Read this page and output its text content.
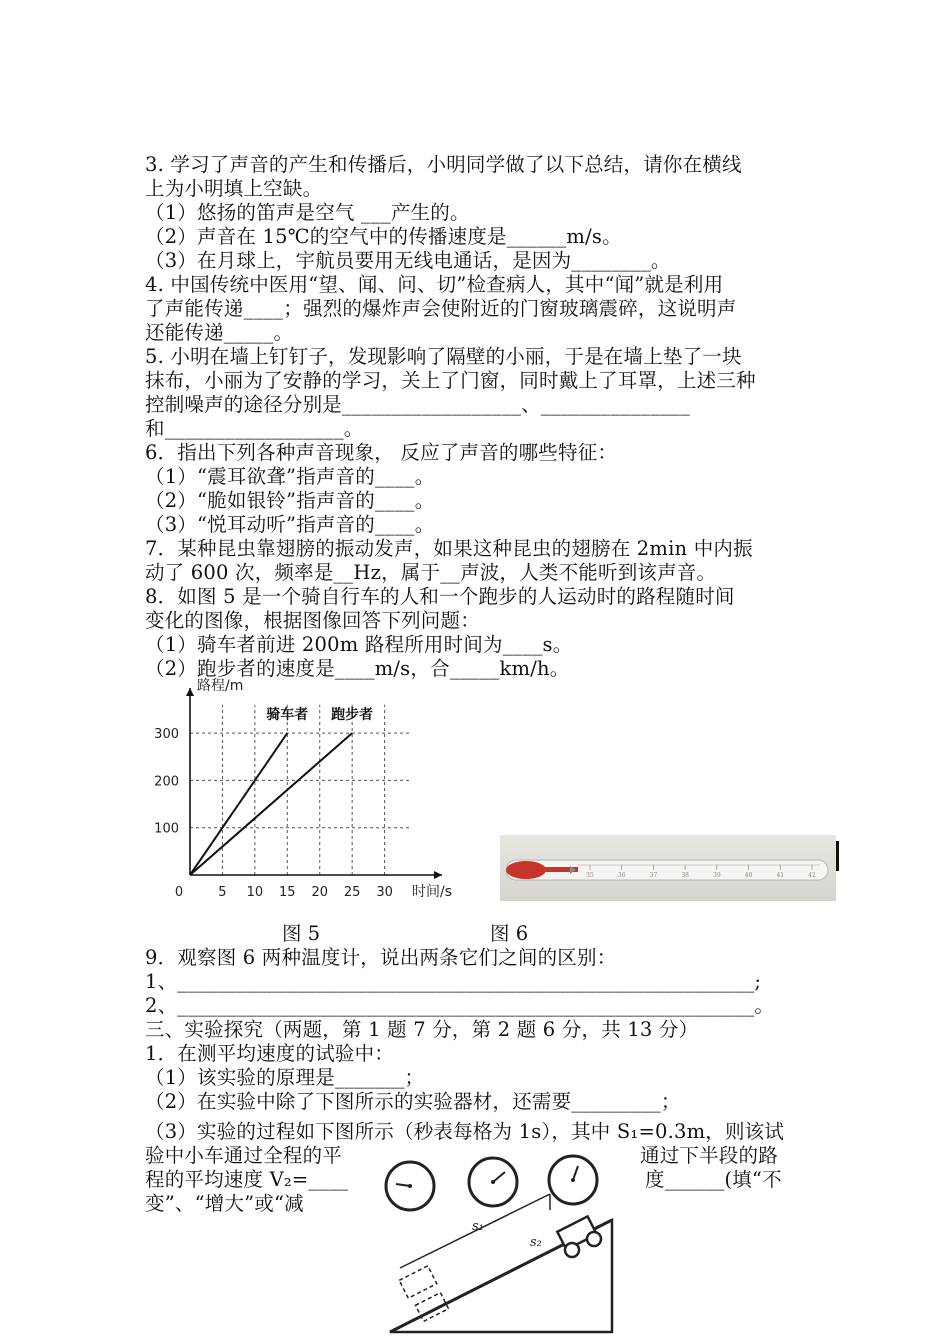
3. 学习了声音的产生和传播后，小明同学做了以下总结，请你在横线
上为小明填上空缺。
（1）悠扬的笛声是空气 ___产生的。
（2）声音在 15℃的空气中的传播速度是______m/s。
（3）在月球上，宇航员要用无线电通话，是因为________。
4. 中国传统中医用“望、闻、问、切”检查病人，其中“闻”就是利用
了声能传递____；强烈的爆炸声会使附近的门窗玻璃震碎，这说明声
还能传递_____。
5. 小明在墙上钉钉子，发现影响了隔壁的小丽，于是在墙上垫了一块
抹布，小丽为了安静的学习，关上了门窗，同时戴上了耳罩，上述三种
控制噪声的途径分别是__________________、_______________
和__________________。
6．指出下列各种声音现象， 反应了声音的哪些特征：
（1）“震耳欲聋”指声音的____。
（2）“脆如银铃”指声音的____。
（3）“悦耳动听”指声音的____。
7．某种昆虫靠翅膀的振动发声，如果这种昆虫的翅膀在 2min 中内振
动了 600 次，频率是__Hz，属于__声波，人类不能听到该声音。
8．如图 5 是一个骑自行车的人和一个跑步的人运动时的路程随时间
变化的图像，根据图像回答下列问题：
（1）骑车者前进 200m 路程所用时间为____s。
（2）跑步者的速度是____m/s，合_____km/h。
0	5 10 15 20 25 30
100
200
300
路程/m
时间/s
骑车者 跑步者
35	36	37	38	39	40	41	42
图 5	图 6
9．观察图 6 两种温度计，说出两条它们之间的区别：
1、__________________________________________________________;
2、__________________________________________________________。
三、实验探究（两题，第 1 题 7 分，第 2 题 6 分，共 13 分）
1．在测平均速度的试验中：
（1）该实验的原理是_______；
（2）在实验中除了下图所示的实验器材，还需要_________；
（3）实验的过程如下图所示（秒表每格为 1s），其中 S₁=0.3m，则该试
验中小车通过全程的平	通过下半段的路
程的平均速度 V₂=____	度______(填“不
变”、“增大”或“减
s₁
s₂
